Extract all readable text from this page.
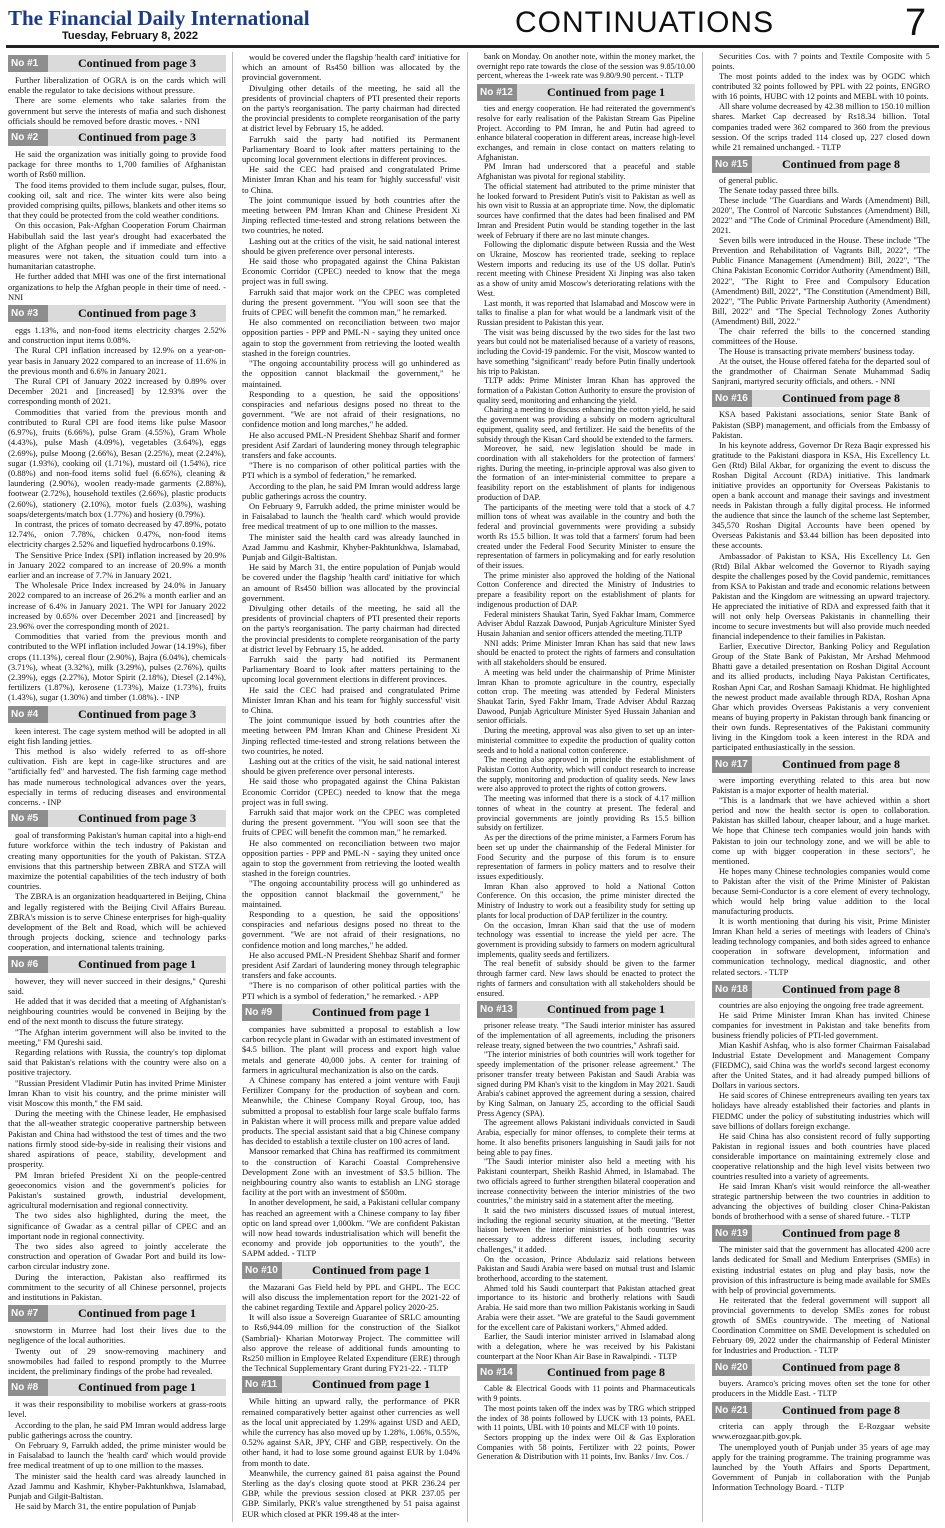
The Financial Daily International
Tuesday, February 8, 2022	CONTINUATIONS	7
No #1	Continued from page 3

Further liberalization of OGRA is on the cards which will enable the regulator to take decisions without pressure.

There are some elements who take salaries from the government but serve the interests of mafia and such dishonest officials should be removed before drastic moves. - NNI

No #2	Continued from page 3

He said the organization was initially going to provide food package for three months to 1,700 families of Afghanistan worth of Rs60 million.

The food items provided to them include sugar, pulses, flour, cooking oil, salt and rice. The winter kits were also being provided comprising quilts, pillows, blankets and other items so that they could be protected from the cold weather conditions.

On this occasion, Pak-Afghan Cooperation Forum Chairman Habibullah said the last year's drought had exacerbated the plight of the Afghan people and if immediate and effective measures were not taken, the situation could turn into a humanitarian catastrophe.

He further added that MHI was one of the first international organizations to help the Afghan people in their time of need. - NNI

No #3	Continued from page 3

eggs 1.13%, and non-food items electricity charges 2.52% and construction input items 0.08%.

The Rural CPI inflation increased by 12.9% on a year-on-year basis in January 2022 compared to an increase of 11.6% in the previous month and 6.6% in January 2021.

The Rural CPI of January 2022 increased by 0.89% over December 2021 and [increased] by 12.93% over the corresponding month of 2021.

Commodities that varied from the previous month and contributed to Rural CPI are food items like pulse Masoor (6.97%), fruits (6.66%), pulse Gram (4.55%), Gram Whole (4.43%), pulse Mash (4.09%), vegetables (3.64%), eggs (2.69%), pulse Moong (2.66%), Besan (2.25%), meat (2.24%), sugar (1.93%), cooking oil (1.71%), mustard oil (1.54%), rice (0.88%) and non-food items solid fuel (6.65%), cleaning & laundering (2.90%), woolen ready-made garments (2.88%), footwear (2.72%), household textiles (2.66%), plastic products (2.60%), stationery (2.10%), motor fuels (2.03%), washing soaps/detergents/match box (1.77%) and hosiery (0.79%).

In contrast, the prices of tomato decreased by 47.89%, potato 12.74%, onion 7.78%, chicken 0.47%, non-food items electricity charges 2.52% and liquefied hydrocarbons 0.19%.

The Sensitive Price Index (SPI) inflation increased by 20.9% in January 2022 compared to an increase of 20.9% a month earlier and an increase of 7.7% in January 2021.

The Wholesale Price Index increased by 24.0% in January 2022 compared to an increase of 26.2% a month earlier and an increase of 6.4% in January 2021. The WPI for January 2022 increased by 0.65% over December 2021 and [increased] by 23.96% over the corresponding month of 2021.

Commodities that varied from the previous month and contributed to the WPI inflation included Jowar (14.19%), fiber crops (11.13%), cereal flour (2.90%), Bajra (6.04%), chemicals (3.71%), wheat (3.32%), milk (3.29%), pulses (2.76%), quilts (2.39%), eggs (2.27%), Motor Spirit (2.18%), Diesel (2.14%), fertilizers (1.87%), kerosene (1.73%), Maize (1.73%), fruits (1.43%), sugar (1.30%) and timber (1.08%). - INP

No #4	Continued from page 3

keen interest. The cage system method will be adopted in all eight fish landing jetties.

This method is also widely referred to as off-shore cultivation. Fish are kept in cage-like structures and are "artificially fed" and harvested. The fish farming cage method has made numerous technological advances over the years, especially in terms of reducing diseases and environmental concerns. - INP

No #5	Continued from page 3

goal of transforming Pakistan's human capital into a high-end future workforce within the tech industry of Pakistan and creating many opportunities for the youth of Pakistan. STZA envisions that this partnership between ZBRA and STZA will maximize the potential capabilities of the tech industry of both countries.

The ZBRA is an organization headquartered in Beijing, China and legally registered with the Beijing Civil Affairs Bureau. ZBRA's mission is to serve Chinese enterprises for high-quality development of the Belt and Road, which will be achieved through projects docking, science and technology parks cooperation, and international talents training.

No #6	Continued from page 1

however, they will never succeed in their designs," Qureshi said.

He added that it was decided that a meeting of Afghanistan's neighbouring countries would be convened in Beijing by the end of the next month to discuss the future strategy.

"The Afghan interim government will also be invited to the meeting," FM Qureshi said.

Regarding relations with Russia, the country's top diplomat said that Pakistan's relations with the country were also on a positive trajectory.

"Russian President Vladimir Putin has invited Prime Minister Imran Khan to visit his country, and the prime minister will visit Moscow this month," the FM said.

During the meeting with the Chinese leader, He emphasised that the all-weather strategic cooperative partnership between Pakistan and China had withstood the test of times and the two nations firmly stood side-by-side in realising their visions and shared aspirations of peace, stability, development and prosperity.

PM Imran briefed President Xi on the people-centred geoeconomics vision and the government's policies for Pakistan's sustained growth, industrial development, agricultural modernisation and regional connectivity.

The two sides also highlighted, during the meet, the significance of Gwadar as a central pillar of CPEC and an important node in regional connectivity.

The two sides also agreed to jointly accelerate the construction and operation of Gwadar Port and build its low-carbon circular industry zone.

During the interaction, Pakistan also reaffirmed its commitment to the security of all Chinese personnel, projects and institutions in Pakistan.

No #7	Continued from page 1

snowstorm in Murree had lost their lives due to the negligence of the local authorities.

Twenty out of 29 snow-removing machinery and snowmobiles had failed to respond promptly to the Murree incident, the preliminary findings of the probe had revealed.

No #8	Continued from page 1

it was their responsibility to mobilise workers at grass-roots level.

According to the plan, he said PM Imran would address large public gatherings across the country.

On February 9, Farrukh added, the prime minister would be in Faisalabad to launch the 'health card' which would provide free medical treatment of up to one million to the masses.

The minister said the health card was already launched in Azad Jammu and Kashmir, Khyber-Pakhtunkhwa, Islamabad, Punjab and Gilgit-Baltistan.

He said by March 31, the entire population of Punjab

would be covered under the flagship 'health card' initiative for which an amount of Rs450 billion was allocated by the provincial government.

Divulging other details of the meeting, he said all the presidents of provincial chapters of PTI presented their reports on the party's reorganisation. The party chairman had directed the provincial presidents to complete reorganisation of the party at district level by February 15, he added.

Farrukh said the party had notified its Permanent Parliamentary Board to look after matters pertaining to the upcoming local government elections in different provinces.

He said the CEC had praised and congratulated Prime Minister Imran Khan and his team for 'highly successful' visit to China.

The joint communique issued by both countries after the meeting between PM Imran Khan and Chinese President Xi Jinping reflected time-tested and strong relations between the two countries, he noted.

Lashing out at the critics of the visit, he said national interest should be given preference over personal interests.

He said those who propagated against the China Pakistan Economic Corridor (CPEC) needed to know that the mega project was in full swing.

Farrukh said that major work on the CPEC was completed during the present government. "You will soon see that the fruits of CPEC will benefit the common man," he remarked.

He also commented on reconciliation between two major opposition parties - PPP and PML-N - saying they united once again to stop the government from retrieving the looted wealth stashed in the foreign countries.

"The ongoing accountability process will go unhindered as the opposition cannot blackmail the government," he maintained.

Responding to a question, he said the oppositions' conspiracies and nefarious designs posed no threat to the government. "We are not afraid of their resignations, no confidence motion and long marches," he added.

He also accused PML-N President Shehbaz Sharif and former president Asif Zardari of laundering money through telegraphic transfers and fake accounts.

"There is no comparison of other political parties with the PTI which is a symbol of federation," he remarked.

According to the plan, he said PM Imran would address large public gatherings across the country.

On February 9, Farrukh added, the prime minister would be in Faisalabad to launch the 'health card' which would provide free medical treatment of up to one million to the masses.

The minister said the health card was already launched in Azad Jammu and Kashmir, Khyber-Pakhtunkhwa, Islamabad, Punjab and Gilgit-Baltistan.

He said by March 31, the entire population of Punjab would be covered under the flagship 'health card' initiative for which an amount of Rs450 billion was allocated by the provincial government.

Divulging other details of the meeting, he said all the presidents of provincial chapters of PTI presented their reports on the party's reorganisation. The party chairman had directed the provincial presidents to complete reorganisation of the party at district level by February 15, he added.

Farrukh said the party had notified its Permanent Parliamentary Board to look after matters pertaining to the upcoming local government elections in different provinces.

He said the CEC had praised and congratulated Prime Minister Imran Khan and his team for 'highly successful' visit to China.

The joint communique issued by both countries after the meeting between PM Imran Khan and Chinese President Xi Jinping reflected time-tested and strong relations between the two countries, he noted.

Lashing out at the critics of the visit, he said national interest should be given preference over personal interests.

He said those who propagated against the China Pakistan Economic Corridor (CPEC) needed to know that the mega project was in full swing.

Farrukh said that major work on the CPEC was completed during the present government. "You will soon see that the fruits of CPEC will benefit the common man," he remarked.

He also commented on reconciliation between two major opposition parties - PPP and PML-N - saying they united once again to stop the government from retrieving the looted wealth stashed in the foreign countries.

"The ongoing accountability process will go unhindered as the opposition cannot blackmail the government," he maintained.

Responding to a question, he said the oppositions' conspiracies and nefarious designs posed no threat to the government. "We are not afraid of their resignations, no confidence motion and long marches," he added.

He also accused PML-N President Shehbaz Sharif and former president Asif Zardari of laundering money through telegraphic transfers and fake accounts.

"There is no comparison of other political parties with the PTI which is a symbol of federation," he remarked. - APP

No #9	Continued from page 1

companies have submitted a proposal to establish a low carbon recycle plant in Gwadar with an estimated investment of $4.5 billion. The plant will process and export high value metals and generate 40,000 jobs. A center for training of farmers in agricultural mechanization is also on the cards.

A Chinese company has entered a joint venture with Fauji Fertilizer Company for the production of soybean and corn. Meanwhile, the Chinese Company Royal Group, too, has submitted a proposal to establish four large scale buffalo farms in Pakistan where it will process milk and prepare value added products. The special assistant said that a big Chinese company has decided to establish a textile cluster on 100 acres of land.

Mansoor remarked that China has reaffirmed its commitment to the construction of Karachi Coastal Comprehensive Development Zone with an investment of $3.5 billion. The neighbouring country also wants to establish an LNG storage facility at the port with an investment of $500m.

In another development, he said, a Pakistani cellular company has reached an agreement with a Chinese company to lay fiber optic on land spread over 1,000km. "We are confident Pakistan will now head towards industrialisation which will benefit the economy and provide job opportunities to the youth", the SAPM added. - TLTP

No #10	Continued from page 1

the Mazarani Gas Field held by PPL and GHPL. The ECC will also discuss the implementation report for the 2021-22 of the cabinet regarding Textile and Apparel policy 2020-25.

It will also issue a Sovereign Guarantee of SRLC amounting to Rs6,944.09 million for the construction of the Sialkot (Sambrial)- Kharian Motorway Project. The committee will also approve the release of additional funds amounting to Rs250 million in Employee Related Expenditure (ERE) through the Technical Supplementary Grant during FY21-22. - TLTP

No #11	Continued from page 1

While hitting an upward rally, the performance of PKR remained comparatively better against other currencies as well as the local unit appreciated by 1.29% against USD and AED, while the currency has also moved up by 1.28%, 1.06%, 0.55%, 0.52% against SAR, JPY, CHF and GBP, respectively. On the other hand, it had to lose some ground against EUR by 1.04% from month to date.

Meanwhile, the currency gained 81 paisa against the Pound Sterling as the day's closing quote stood at PKR 236.24 per GBP, while the previous session closed at PKR 237.05 per GBP. Similarly, PKR's value strengthened by 51 paisa against EUR which closed at PKR 199.48 at the inter-

bank on Monday. On another note, within the money market, the overnight repo rate towards the close of the session was 9.85/10.00 percent, whereas the 1-week rate was 9.80/9.90 percent. - TLTP

No #12	Continued from page 1

ties and energy cooperation. He had reiterated the government's resolve for early realisation of the Pakistan Stream Gas Pipeline Project. According to PM Imran, he and Putin had agreed to enhance bilateral cooperation in different areas, increase high-level exchanges, and remain in close contact on matters relating to Afghanistan.

PM Imran had underscored that a peaceful and stable Afghanistan was pivotal for regional stability.

The official statement had attributed to the prime minister that he looked forward to President Putin's visit to Pakistan as well as his own visit to Russia at an appropriate time. Now, the diplomatic sources have confirmed that the dates had been finalised and PM Imran and President Putin would be standing together in the last week of February if there are no last minute changes.

Following the diplomatic dispute between Russia and the West on Ukraine, Moscow has reoriented trade, seeking to replace Western imports and reducing its use of the US dollar. Putin's recent meeting with Chinese President Xi Jinping was also taken as a show of unity amid Moscow's deteriorating relations with the West.

Last month, it was reported that Islamabad and Moscow were in talks to finalise a plan for what would be a landmark visit of the Russian president to Pakistan this year.

The visit was being discussed by the two sides for the last two years but could not be materialised because of a variety of reasons, including the Covid-19 pandemic. For the visit, Moscow wanted to have something "significant" ready before Putin finally undertook his trip to Pakistan.

TLTP adds: Prime Minister Imran Khan has approved the formation of a Pakistan Cotton Authority to ensure the provision of quality seed, monitoring and enhancing the yield.

Chairing a meeting to discuss enhancing the cotton yield, he said the government was providing a subsidy on modern agricultural equipment, quality seed, and fertilizer. He said the benefits of the subsidy through the Kisan Card should be extended to the farmers.

Moreover, he said, new legislation should be made in coordination with all stakeholders for the protection of farmers' rights. During the meeting, in-principle approval was also given to the formation of an inter-ministerial committee to prepare a feasibility report on the establishment of plants for indigenous production of DAP.

The participants of the meeting were told that a stock of 4.7 million tons of wheat was available in the country and both the federal and provincial governments were providing a subsidy worth Rs 15.5 billion. It was told that a farmers' forum had been created under the Federal Food Security Minister to ensure the representation of farmers in policymaking and for early resolution of their issues.

The prime minister also approved the holding of the National Cotton Conference and directed the Ministry of Industries to prepare a feasibility report on the establishment of plants for indigenous production of DAP.

Federal ministers Shaukat Tarin, Syed Fakhar Imam, Commerce Adviser Abdul Razzak Dawood, Punjab Agriculture Minister Syed Husain Jahanian and senior officers attended the meeting.TLTP

NNI adds: Prime Minister Imran Khan has said that new laws should be enacted to protect the rights of farmers and consultation with all stakeholders should be ensured.

A meeting was held under the chairmanship of Prime Minister Imran Khan to promote agriculture in the country, especially cotton crop. The meeting was attended by Federal Ministers Shaukat Tarin, Syed Fakhr Imam, Trade Adviser Abdul Razzaq Dawood, Punjab Agriculture Minister Syed Hussain Jahanian and senior officials.

During the meeting, approval was also given to set up an inter-ministerial committee to expedite the production of quality cotton seeds and to hold a national cotton conference.

The meeting also approved in principle the establishment of Pakistan Cotton Authority, which will conduct research to increase the supply, monitoring and production of quality seeds. New laws were also approved to protect the rights of cotton growers.

The meeting was informed that there is a stock of 4.17 million tonnes of wheat in the country at present. The federal and provincial governments are jointly providing Rs 15.5 billion subsidy on fertilizer.

As per the directions of the prime minister, a Farmers Forum has been set up under the chairmanship of the Federal Minister for Food Security and the purpose of this forum is to ensure representation of farmers in policy matters and to resolve their issues expeditiously.

Imran Khan also approved to hold a National Cotton Conference. On this occasion, the prime minister directed the Ministry of Industry to work out a feasibility study for setting up plants for local production of DAP fertilizer in the country.

On the occasion, Imran Khan said that the use of modern technology was essential to increase the yield per acre. The government is providing subsidy to farmers on modern agricultural implements, quality seeds and fertilizers.

The real benefit of subsidy should be given to the farmer through farmer card. New laws should be enacted to protect the rights of farmers and consultation with all stakeholders should be ensured.

No #13	Continued from page 1

prisoner release treaty. "The Saudi interior minister has assured of the implementation of all agreements, including the prisoners release treaty, signed between the two countries," Ashrafi said.

"The interior ministries of both countries will work together for speedy implementation of the prisoner release agreement." The prisoner transfer treaty between Pakistan and Saudi Arabia was signed during PM Khan's visit to the kingdom in May 2021. Saudi Arabia's cabinet approved the agreement during a session, chaired by King Salman, on January 25, according to the official Saudi Press Agency (SPA).

The agreement allows Pakistani individuals convicted in Saudi Arabia, especially for minor offenses, to complete their terms at home. It also benefits prisoners languishing in Saudi jails for not being able to pay fines.

"The Saudi interior minister also held a meeting with his Pakistani counterpart, Sheikh Rashid Ahmed, in Islamabad. The two officials agreed to further strengthen bilateral cooperation and increase connectivity between the interior ministries of the two countries," the ministry said in a statement after the meeting.

It said the two ministers discussed issues of mutual interest, including the regional security situation, at the meeting. "Better liaison between the interior ministries of both countries was necessary to address different issues, including security challenges," it added.

On the occasion, Prince Abdulaziz said relations between Pakistan and Saudi Arabia were based on mutual trust and Islamic brotherhood, according to the statement.

Ahmed told his Saudi counterpart that Pakistan attached great importance to its historic and brotherly relations with Saudi Arabia. He said more than two million Pakistanis working in Saudi Arabia were their asset. "We are grateful to the Saudi government for the excellent care of Pakistani workers," Ahmed added.

Earlier, the Saudi interior minister arrived in Islamabad along with a delegation, where he was received by his Pakistani counterpart at the Noor Khan Air Base in Rawalpindi. - TLTP

No #14	Continued from page 8

Cable & Electrical Goods with 11 points and Pharmaceuticals with 9 points.

The most points taken off the index was by TRG which stripped the index of 38 points followed by LUCK with 13 points, PAEL with 11 points, UBL with 10 points and MLCF with 10 points.

Sectors propping up the index were Oil & Gas Exploration Companies with 58 points, Fertilizer with 22 points, Power Generation & Distribution with 11 points, Inv. Banks / Inv. Cos. /

Securities Cos. with 7 points and Textile Composite with 5 points.

The most points added to the index was by OGDC which contributed 32 points followed by PPL with 22 points, ENGRO with 16 points, HUBC with 12 points and MEBL with 10 points.

All share volume decreased by 42.38 million to 150.10 million shares. Market Cap decreased by Rs18.34 billion. Total companies traded were 362 compared to 360 from the previous session. Of the scrips traded 114 closed up, 227 closed down while 21 remained unchanged. - TLTP

No #15	Continued from page 8

of general public.

The Senate today passed three bills.

These include "The Guardians and Wards (Amendment) Bill, 2020", The Control of Narcotic Substances (Amendment) Bill, 2022" and "The Code of Criminal Procedure (Amendment) Bill, 2021.

Seven bills were introduced in the House. These include "The Prevention and Rehabilitation of Vagrants Bill, 2022", "The Public Finance Management (Amendment) Bill, 2022", "The China Pakistan Economic Corridor Authority (Amendment) Bill, 2022", "The Right to Free and Compulsory Education (Amendment) Bill, 2022", "The Constitution (Amendment) Bill, 2022", "The Public Private Partnership Authority (Amendment) Bill, 2022" and "The Special Technology Zones Authority (Amendment) Bill, 2022."

The chair referred the bills to the concerned standing committees of the House.

The House is transacting private members' business today.

At the outset, the House offered fateha for the departed soul of the grandmother of Chairman Senate Muhammad Sadiq Sanjrani, martyred security officials, and others. - NNI

No #16	Continued from page 8

KSA based Pakistani associations, senior State Bank of Pakistan (SBP) management, and officials from the Embassy of Pakistan.

In his keynote address, Governor Dr Reza Baqir expressed his gratitude to the Pakistani diaspora in KSA, His Excellency Lt. Gen (Rtd) Bilal Akbar, for organizing the event to discuss the Roshan Digital Account (RDA) initiative. This landmark initiative provides an opportunity for Overseas Pakistanis to open a bank account and manage their savings and investment needs in Pakistan through a fully digital process. He informed the audience that since the launch of the scheme last September, 345,570 Roshan Digital Accounts have been opened by Overseas Pakistanis and $3.44 billion has been deposited into these accounts.

Ambassador of Pakistan to KSA, His Excellency Lt. Gen (Rtd) Bilal Akbar welcomed the Governor to Riyadh saying despite the challenges posed by the Covid pandemic, remittances from KSA to Pakistan and trade and economic relations between Pakistan and the Kingdom are witnessing an upward trajectory. He appreciated the initiative of RDA and expressed faith that it will not only help Overseas Pakistanis in channelling their income to secure investments but will also provide much needed financial independence to their families in Pakistan.

Earlier, Executive Director, Banking Policy and Regulation Group of the State Bank of Pakistan, Mr Arshad Mehmood Bhatti gave a detailed presentation on Roshan Digital Account and its allied products, including Naya Pakistan Certificates, Roshan Apni Car, and Roshan Samaaji Khidmat. He highlighted the newest product made available through RDA, Roshan Apna Ghar which provides Overseas Pakistanis a very convenient means of buying property in Pakistan through bank financing or their own funds. Representatives of the Pakistani community living in the Kingdom took a keen interest in the RDA and participated enthusiastically in the session.

No #17	Continued from page 8

were importing everything related to this area but now Pakistan is a major exporter of health material.

"This is a landmark that we have achieved within a short period and now the health sector is open to collaboration. Pakistan has skilled labour, cheaper labour, and a huge market. We hope that Chinese tech companies would join hands with Pakistan to join our technology zone, and we will be able to come up with bigger cooperation in these sectors", he mentioned.

He hopes many Chinese technologies companies would come to Pakistan after the visit of the Prime Minister of Pakistan because Semi-Conductor is a core element of every technology, which would help bring value addition to the local manufacturing products.

It is worth mentioning that during his visit, Prime Minister Imran Khan held a series of meetings with leaders of China's leading technology companies, and both sides agreed to enhance cooperation in software development, information and communication technology, medical diagnostic, and other related sectors. - TLTP

No #18	Continued from page 8

countries are also enjoying the ongoing free trade agreement.

He said Prime Minister Imran Khan has invited Chinese companies for investment in Pakistan and take benefits from business friendly policies of PTI-led government.

Mian Kashif Ashfaq, who is also former Chairman Faisalabad Industrial Estate Development and Management Company (FIEDMC), said China was the world's second largest economy after the United States, and it had already pumped billions of Dollars in various sectors.

He said scores of Chinese entrepreneurs availing ten years tax holidays have already established their factories and plants in FIEDMC under the policy of substituting industries which will save billions of dollars foreign exchange.

He said China has also consistent record of fully supporting Pakistan in regional issues and both countries have placed considerable importance on maintaining extremely close and cooperative relationship and the high level visits between two countries resulted into a variety of agreements.

He said Imran Khan's visit would reinforce the all-weather strategic partnership between the two countries in addition to advancing the objectives of building closer China-Pakistan bonds of brotherhood with a sense of shared future. - TLTP

No #19	Continued from page 8

The minister said that the government has allocated 4200 acre lands dedicated for Small and Medium Enterprises (SMEs) in existing industrial estates on plug and play basis, now the provision of this infrastructure is being made available for SMEs with help of provincial governments.

He reiterated that the federal government will support all provincial governments to develop SMEs zones for robust growth of SMEs countrywide. The meeting of National Coordination Committee on SME Development is scheduled on February 09, 2022 under the chairmanship of Federal Minister for Industries and Production. - TLTP

No #20	Continued from page 8

buyers. Aramco's pricing moves often set the tone for other producers in the Middle East. - TLTP

No #21	Continued from page 8

criteria can apply through the E-Rozgaar website www.erozgaar.pitb.gov.pk.

The unemployed youth of Punjab under 35 years of age may apply for the training programme. The training programme was launched by the Youth Affairs and Sports Department, Government of Punjab in collaboration with the Punjab Information Technology Board. - TLTP
